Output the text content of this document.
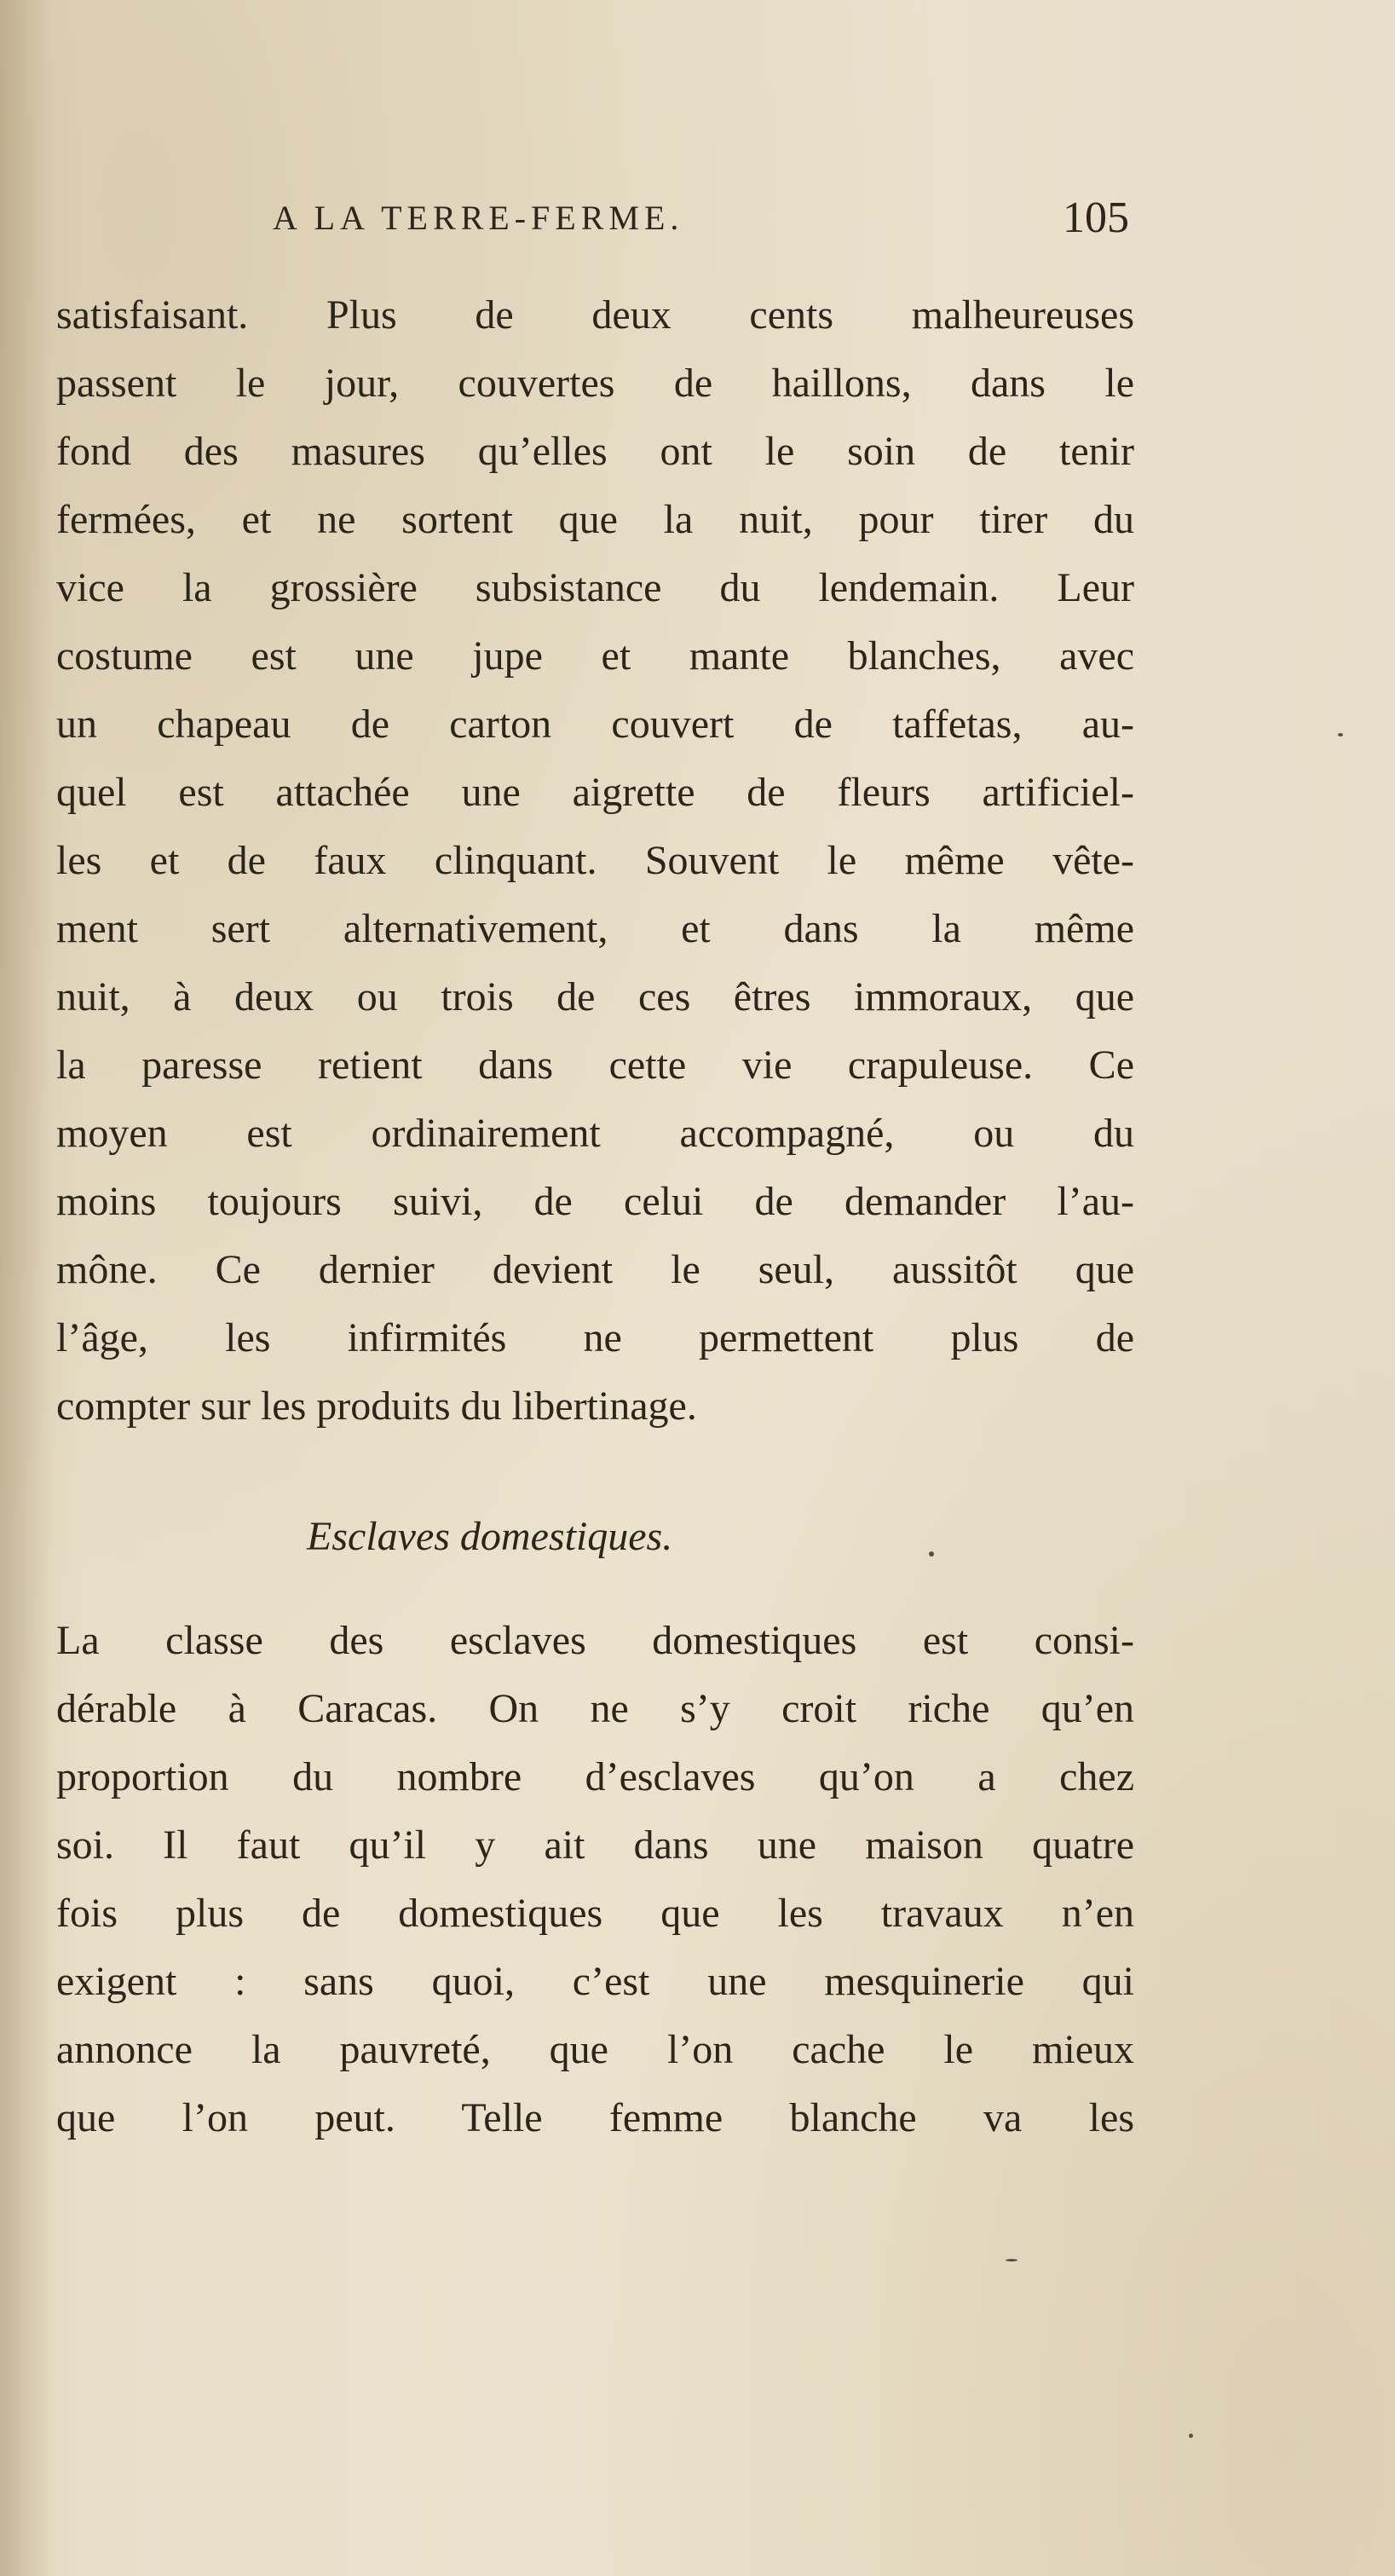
A LA TERRE-FERME.	105
satisfaisant. Plus de deux cents malheureuses
passent le jour, couvertes de haillons, dans le
fond des masures qu’elles ont le soin de tenir
fermées, et ne sortent que la nuit, pour tirer du
vice la grossière subsistance du lendemain. Leur
costume est une jupe et mante blanches, avec
un chapeau de carton couvert de taffetas, au-
quel est attachée une aigrette de fleurs artificiel-
les et de faux clinquant. Souvent le même vête-
ment sert alternativement, et dans la même
nuit, à deux ou trois de ces êtres immoraux, que
la paresse retient dans cette vie crapuleuse. Ce
moyen est ordinairement accompagné, ou du
moins toujours suivi, de celui de demander l’au-
mône. Ce dernier devient le seul, aussitôt que
l’âge, les infirmités ne permettent plus de
compter sur les produits du libertinage.
Esclaves domestiques.
La classe des esclaves domestiques est consi-
dérable à Caracas. On ne s’y croit riche qu’en
proportion du nombre d’esclaves qu’on a chez
soi. Il faut qu’il y ait dans une maison quatre
fois plus de domestiques que les travaux n’en
exigent : sans quoi, c’est une mesquinerie qui
annonce la pauvreté, que l’on cache le mieux
que l’on peut. Telle femme blanche va les
